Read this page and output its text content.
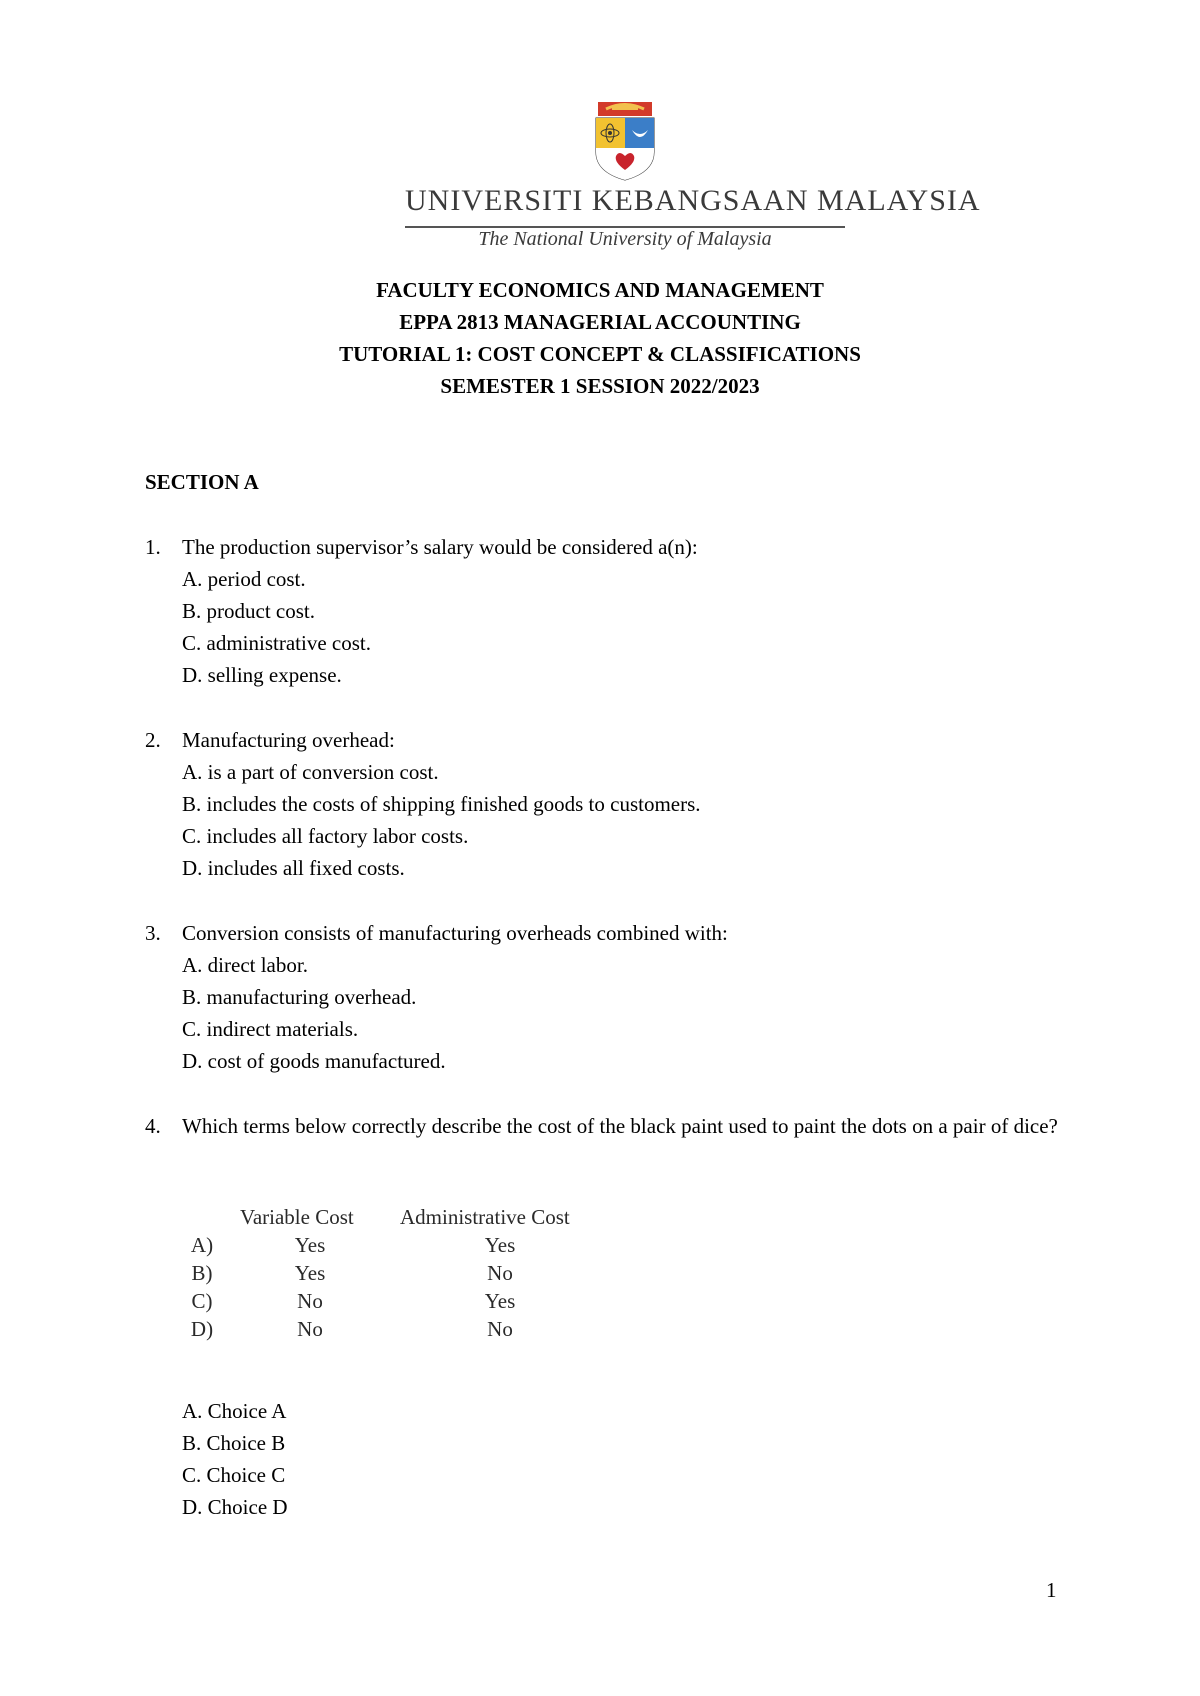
UNIVERSITI KEBANGSAAN MALAYSIA
The National University of Malaysia
FACULTY ECONOMICS AND MANAGEMENT
EPPA 2813 MANAGERIAL ACCOUNTING
TUTORIAL 1: COST CONCEPT & CLASSIFICATIONS
SEMESTER 1 SESSION 2022/2023
SECTION A
1. The production supervisor’s salary would be considered a(n):
A. period cost.
B. product cost.
C. administrative cost.
D. selling expense.
2. Manufacturing overhead:
A. is a part of conversion cost.
B. includes the costs of shipping finished goods to customers.
C. includes all factory labor costs.
D. includes all fixed costs.
3. Conversion consists of manufacturing overheads combined with:
A. direct labor.
B. manufacturing overhead.
C. indirect materials.
D. cost of goods manufactured.
4. Which terms below correctly describe the cost of the black paint used to paint the dots on a pair of dice?
Variable Cost Administrative Cost
A)	Yes	Yes
B)	Yes	No
C)	No	Yes
D)	No	No
A. Choice A
B. Choice B
C. Choice C
D. Choice D
1
